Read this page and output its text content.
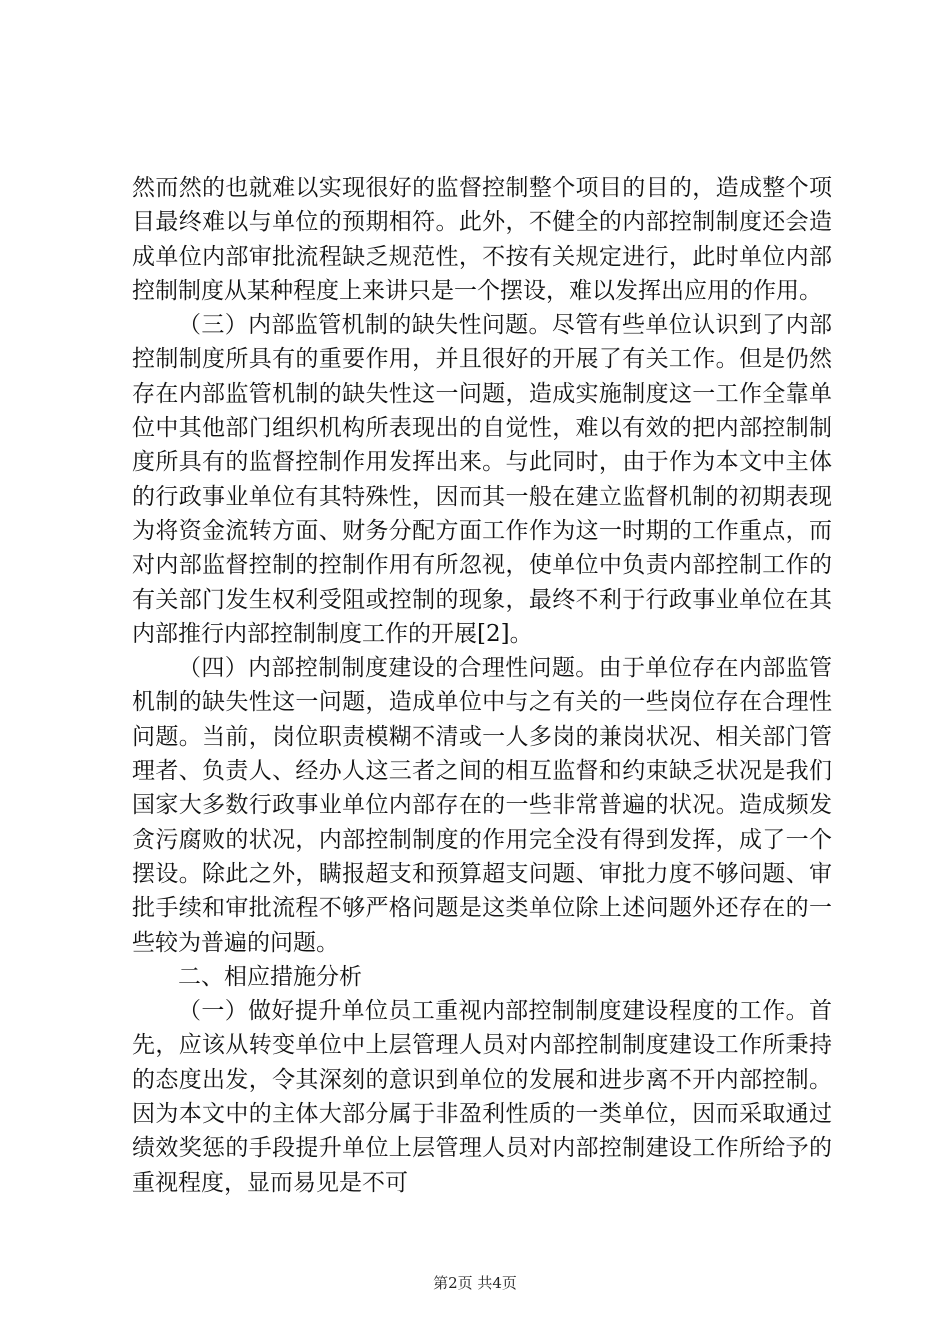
然而然的也就难以实现很好的监督控制整个项目的目的，造成整个项目最终难以与单位的预期相符。此外，不健全的内部控制制度还会造成单位内部审批流程缺乏规范性，不按有关规定进行，此时单位内部控制制度从某种程度上来讲只是一个摆设，难以发挥出应用的作用。

（三）内部监管机制的缺失性问题。尽管有些单位认识到了内部控制制度所具有的重要作用，并且很好的开展了有关工作。但是仍然存在内部监管机制的缺失性这一问题，造成实施制度这一工作全靠单位中其他部门组织机构所表现出的自觉性，难以有效的把内部控制制度所具有的监督控制作用发挥出来。与此同时，由于作为本文中主体的行政事业单位有其特殊性，因而其一般在建立监督机制的初期表现为将资金流转方面、财务分配方面工作作为这一时期的工作重点，而对内部监督控制的控制作用有所忽视，使单位中负责内部控制工作的有关部门发生权利受阻或控制的现象，最终不利于行政事业单位在其内部推行内部控制制度工作的开展[2]。

（四）内部控制制度建设的合理性问题。由于单位存在内部监管机制的缺失性这一问题，造成单位中与之有关的一些岗位存在合理性问题。当前，岗位职责模糊不清或一人多岗的兼岗状况、相关部门管理者、负责人、经办人这三者之间的相互监督和约束缺乏状况是我们国家大多数行政事业单位内部存在的一些非常普遍的状况。造成频发贪污腐败的状况，内部控制制度的作用完全没有得到发挥，成了一个摆设。除此之外，瞒报超支和预算超支问题、审批力度不够问题、审批手续和审批流程不够严格问题是这类单位除上述问题外还存在的一些较为普遍的问题。

二、相应措施分析

（一）做好提升单位员工重视内部控制制度建设程度的工作。首先，应该从转变单位中上层管理人员对内部控制制度建设工作所秉持的态度出发，令其深刻的意识到单位的发展和进步离不开内部控制。因为本文中的主体大部分属于非盈利性质的一类单位，因而采取通过绩效奖惩的手段提升单位上层管理人员对内部控制建设工作所给予的重视程度，显而易见是不可

第2页 共4页
